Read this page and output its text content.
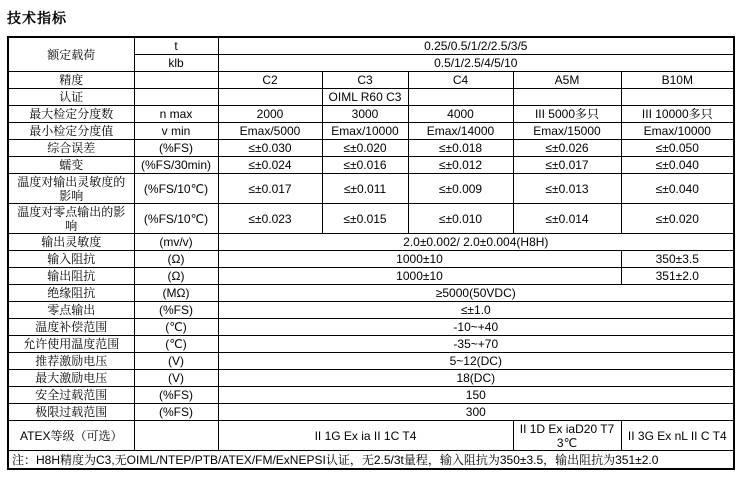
技术指标
额定载荷	t	0.25/0.5/1/2/2.5/3/5				
	klb	0.5/1/2.5/4/5/10				
精度		C2	C3	C4	A5M	B10M
认证			OIML R60 C3			
最大检定分度数	n max	2000	3000	4000	III 5000多只	III 10000多只
最小检定分度值	v min	Emax/5000	Emax/10000	Emax/14000	Emax/15000	Emax/10000
综合误差	(%FS)	≤±0.030	≤±0.020	≤±0.018	≤±0.026	≤±0.050
蠕变	(%FS/30min)	≤±0.024	≤±0.016	≤±0.012	≤±0.017	≤±0.040
温度对输出灵敏度的影响	(%FS/10℃)	≤±0.017	≤±0.011	≤±0.009	≤±0.013	≤±0.040
温度对零点输出的影响	(%FS/10℃)	≤±0.023	≤±0.015	≤±0.010	≤±0.014	≤±0.020
输出灵敏度	(mv/v)	2.0±0.002/ 2.0±0.004(H8H)				
输入阻抗	(Ω)	1000±10				350±3.5
输出阻抗	(Ω)	1000±10				351±2.0
绝缘阻抗	(MΩ)	≥5000(50VDC)				
零点输出	(%FS)	≤±1.0				
温度补偿范围	(℃)	-10~+40				
允许使用温度范围	(℃)	-35~+70				
推荐激励电压	(V)	5~12(DC)				
最大激励电压	(V)	18(DC)				
安全过载范围	(%FS)	150				
极限过载范围	(%FS)	300				
ATEX等级（可选）		II 1G Ex ia II 1C T4			II 1D Ex iaD20 T73℃	II 3G Ex nL II C T4
注：H8H精度为C3,无OIML/NTEP/PTB/ATEX/FM/ExNEPSI认证，无2.5/3t量程，输入阻抗为350±3.5，输出阻抗为351±2.0						
